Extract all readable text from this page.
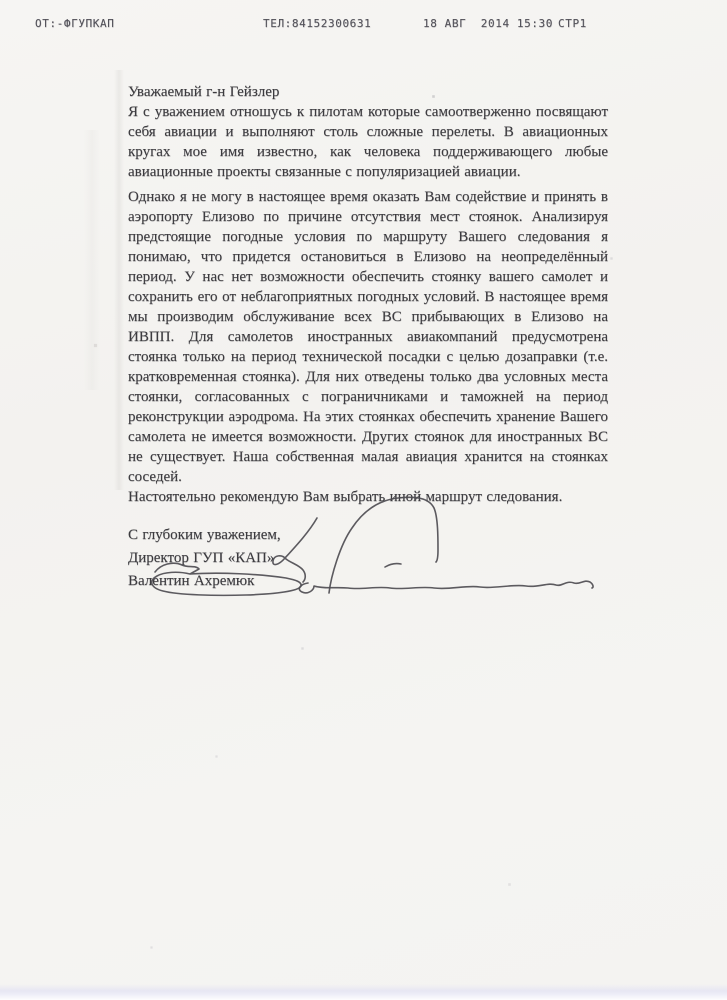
ОТ:-ФГУПКАП	ТЕЛ:84152300631	18 АВГ  2014 15:30 СТР1

Уважаемый г-н Гейзлер

Я с уважением отношусь к пилотам которые самоотверженно посвящают себя авиации и выполняют столь сложные перелеты. В авиационных кругах мое имя известно, как человека поддерживающего любые авиационные проекты связанные с популяризацией авиации.

Однако я не могу в настоящее время оказать Вам содействие и принять в аэропорту Елизово по причине отсутствия мест стоянок. Анализируя предстоящие погодные условия по маршруту Вашего следования я понимаю, что придется остановиться в Елизово на неопределённый период. У нас нет возможности обеспечить стоянку вашего самолет и сохранить его от неблагоприятных погодных условий. В настоящее время мы производим обслуживание всех ВС прибывающих в Елизово на ИВПП. Для самолетов иностранных авиакомпаний предусмотрена стоянка только на период технической посадки с целью дозаправки (т.е. кратковременная стоянка). Для них отведены только два условных места стоянки, согласованных с пограничниками и таможней на период реконструкции аэродрома. На этих стоянках обеспечить хранение Вашего самолета не имеется возможности. Других стоянок для иностранных ВС не существует. Наша собственная малая авиация хранится на стоянках соседей.

Настоятельно рекомендую Вам выбрать иной маршрут следования.

С глубоким уважением,

Директор ГУП «КАП»

Валентин Ахремюк
